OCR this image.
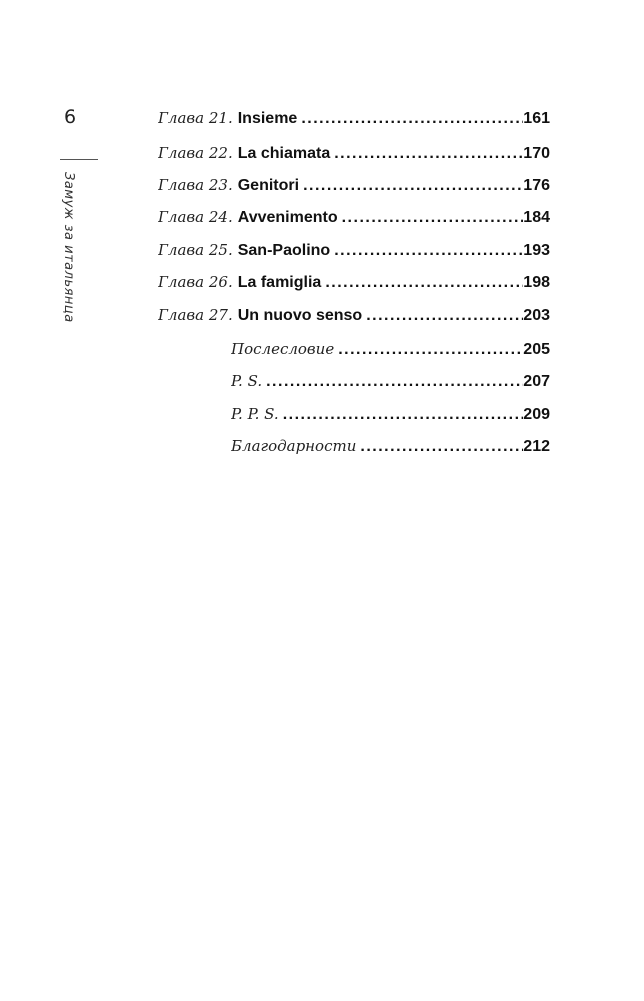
6
Замуж за итальянца
Глава 21. Insieme .....	161
Глава 22. La chiamata .....	170
Глава 23. Genitori .....	176
Глава 24. Avvenimento .....	184
Глава 25. San-Paolino .....	193
Глава 26. La famiglia .....	198
Глава 27. Un nuovo senso .....	203
Послесловие .....	205
P. S. .....	207
P. P. S. .....	209
Благодарности .....	212
